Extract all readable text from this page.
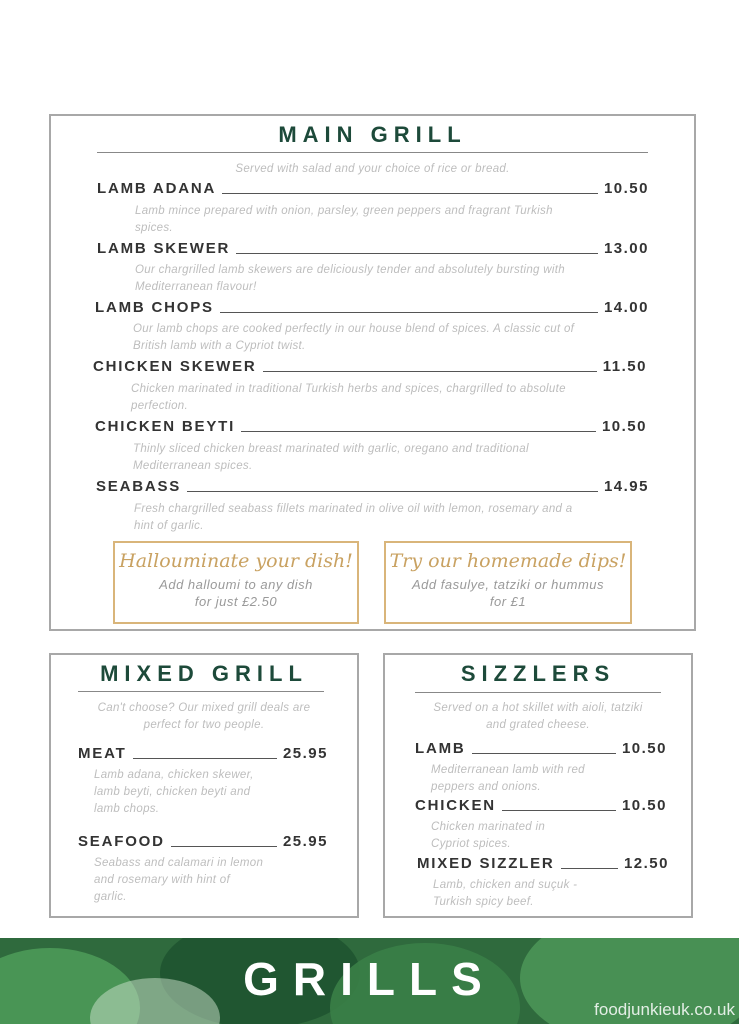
MAIN GRILL
Served with salad and your choice of rice or bread.
LAMB ADANA	10.50
Lamb mince prepared with onion, parsley, green peppers and fragrant Turkish spices.
LAMB SKEWER	13.00
Our chargrilled lamb skewers are deliciously tender and absolutely bursting with Mediterranean flavour!
LAMB CHOPS	14.00
Our lamb chops are cooked perfectly in our house blend of spices. A classic cut of British lamb with a Cypriot twist.
CHICKEN SKEWER	11.50
Chicken marinated in traditional Turkish herbs and spices, chargrilled to absolute perfection.
CHICKEN BEYTI	10.50
Thinly sliced chicken breast marinated with garlic, oregano and traditional Mediterranean spices.
SEABASS	14.95
Fresh chargrilled seabass fillets marinated in olive oil with lemon, rosemary and a hint of garlic.
Hallouminate your dish!
Add halloumi to any dish
for just £2.50
Try our homemade dips!
Add fasulye, tatziki or hummus
for £1
MIXED GRILL
Can't choose? Our mixed grill deals are perfect for two people.
MEAT	25.95
Lamb adana, chicken skewer, lamb beyti, chicken beyti and lamb chops.
SEAFOOD	25.95
Seabass and calamari in lemon and rosemary with hint of garlic.
SIZZLERS
Served on a hot skillet with aioli, tatziki and grated cheese.
LAMB	10.50
Mediterranean lamb with red peppers and onions.
CHICKEN	10.50
Chicken marinated in Cypriot spices.
MIXED SIZZLER	12.50
Lamb, chicken and suçuk - Turkish spicy beef.
GRILLS
foodjunkieuk.co.uk
